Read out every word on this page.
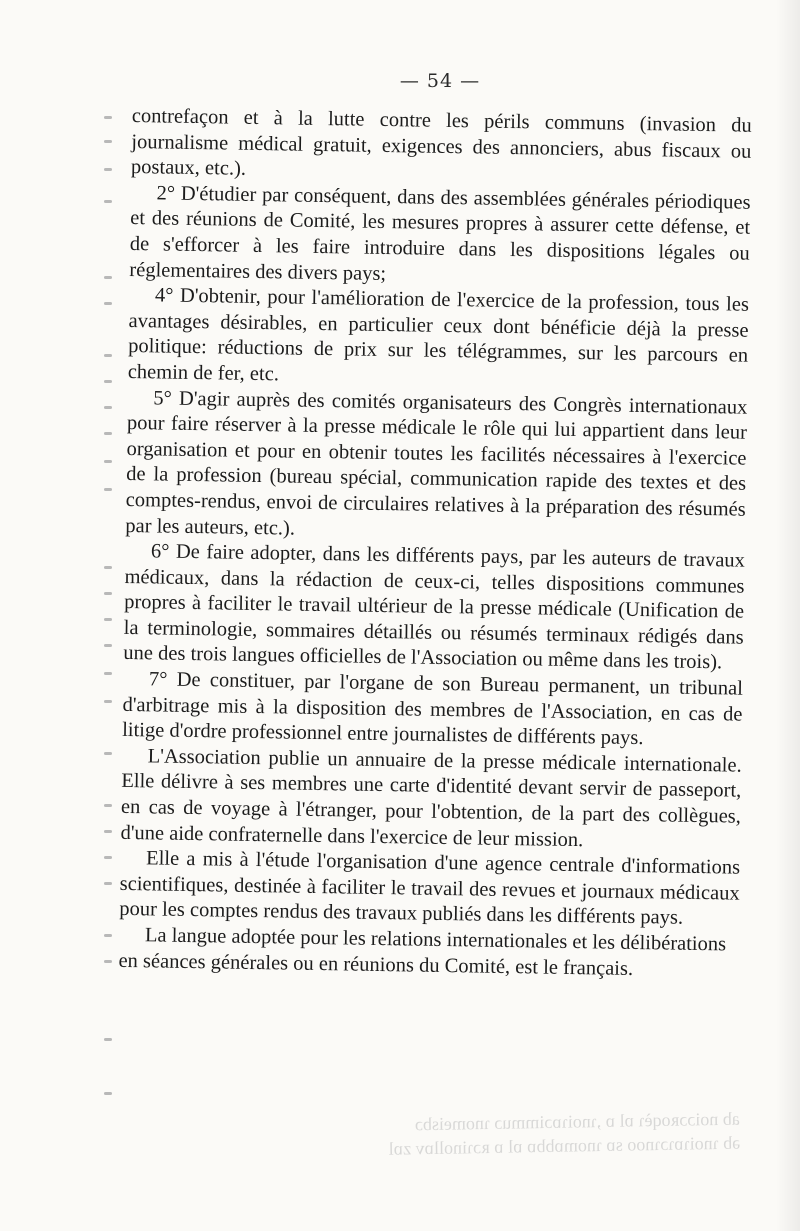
— 54 —

contrefaçon et à la lutte contre les périls communs (invasion du journalisme médical gratuit, exigences des annonciers, abus fiscaux ou postaux, etc.).

2° D'étudier par conséquent, dans des assemblées générales périodiques et des réunions de Comité, les mesures propres à assurer cette défense, et de s'efforcer à les faire introduire dans les dispositions légales ou réglementaires des divers pays;

4° D'obtenir, pour l'amélioration de l'exercice de la profession, tous les avantages désirables, en particulier ceux dont bénéficie déjà la presse politique: réductions de prix sur les télégrammes, sur les parcours en chemin de fer, etc.

5° D'agir auprès des comités organisateurs des Congrès internationaux pour faire réserver à la presse médicale le rôle qui lui appartient dans leur organisation et pour en obtenir toutes les facilités nécessaires à l'exercice de la profession (bureau spécial, communication rapide des textes et des comptes-rendus, envoi de circulaires relatives à la préparation des résumés par les auteurs, etc.).

6° De faire adopter, dans les différents pays, par les auteurs de travaux médicaux, dans la rédaction de ceux-ci, telles dispositions communes propres à faciliter le travail ultérieur de la presse médicale (Unification de la terminologie, sommaires détaillés ou résumés terminaux rédigés dans une des trois langues officielles de l'Association ou même dans les trois).

7° De constituer, par l'organe de son Bureau permanent, un tribunal d'arbitrage mis à la disposition des membres de l'Association, en cas de litige d'ordre professionnel entre journalistes de différents pays.

L'Association publie un annuaire de la presse médicale internationale. Elle délivre à ses membres une carte d'identité devant servir de passeport, en cas de voyage à l'étranger, pour l'obtention, de la part des collègues, d'une aide confraternelle dans l'exercice de leur mission.

Elle a mis à l'étude l'organisation d'une agence centrale d'informations scientifiques, destinée à faciliter le travail des revues et journaux médicaux pour les comptes rendus des travaux publiés dans les différents pays.

La langue adoptée pour les relations internationales et les délibérations en séances générales ou en réunions du Comité, est le français.

ab noiɔɔʀoqèɿ ɒl ɒ ,ɿnoiɿɒɔimmuɔ ɿnomeisbɔ
əb ɿnoiɿɒɿɔɿnoo sɒ ɿnomɒbbɒ ɒl ɒ ʀɔɿinollɒv zɒl
